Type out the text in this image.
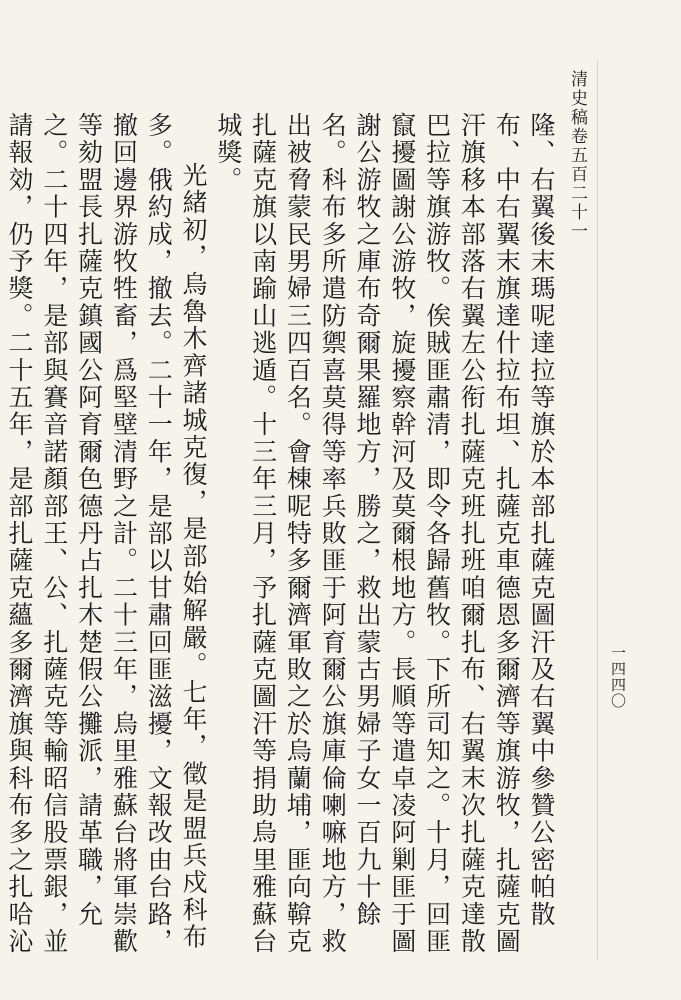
清史稿卷五百二十一
一四四〇

隆、右翼後末瑪呢達拉等旗於本部扎薩克圖汗及右翼中參贊公密帕散布、中右翼末旗達什拉布坦、扎薩克車德恩多爾濟等旗游牧，扎薩克圖汗旗移本部落右翼左公衔扎薩克班扎班咱爾扎布、右翼末次扎薩克達散巴拉等旗游牧。俟賊匪肅清，即令各歸舊牧。下所司知之。十月，回匪竄擾圖謝公游牧，旋擾察幹河及莫爾根地方。長順等遣卓凌阿剿匪于圖謝公游牧之庫布奇爾果羅地方，勝之，救出蒙古男婦子女一百九十餘名。科布多所遣防禦喜莫得等率兵敗匪于阿育爾公旗庫倫喇嘛地方，救出被脅蒙民男婦三四百名。會棟呢特多爾濟軍敗之於烏蘭埔，匪向鞥克扎薩克旗以南踰山逃遁。十三年三月，予扎薩克圖汗等捐助烏里雅蘇台城獎。

光緒初，烏魯木齊諸城克復，是部始解嚴。七年，徵是盟兵戍科布多。俄約成，撤去。二十一年，是部以甘肅回匪滋擾，文報改由台路，撤回邊界游牧牲畜，爲堅壁清野之計。二十三年，烏里雅蘇台將軍崇歡等劾盟長扎薩克鎮國公阿育爾色德丹占扎木楚假公攤派，請革職，允之。二十四年，是部與賽音諾顏部王、公、扎薩克等輸昭信股票銀，並請報効，仍予獎。二十五年，是部扎薩克蘊多爾濟旗與科布多之扎哈沁
